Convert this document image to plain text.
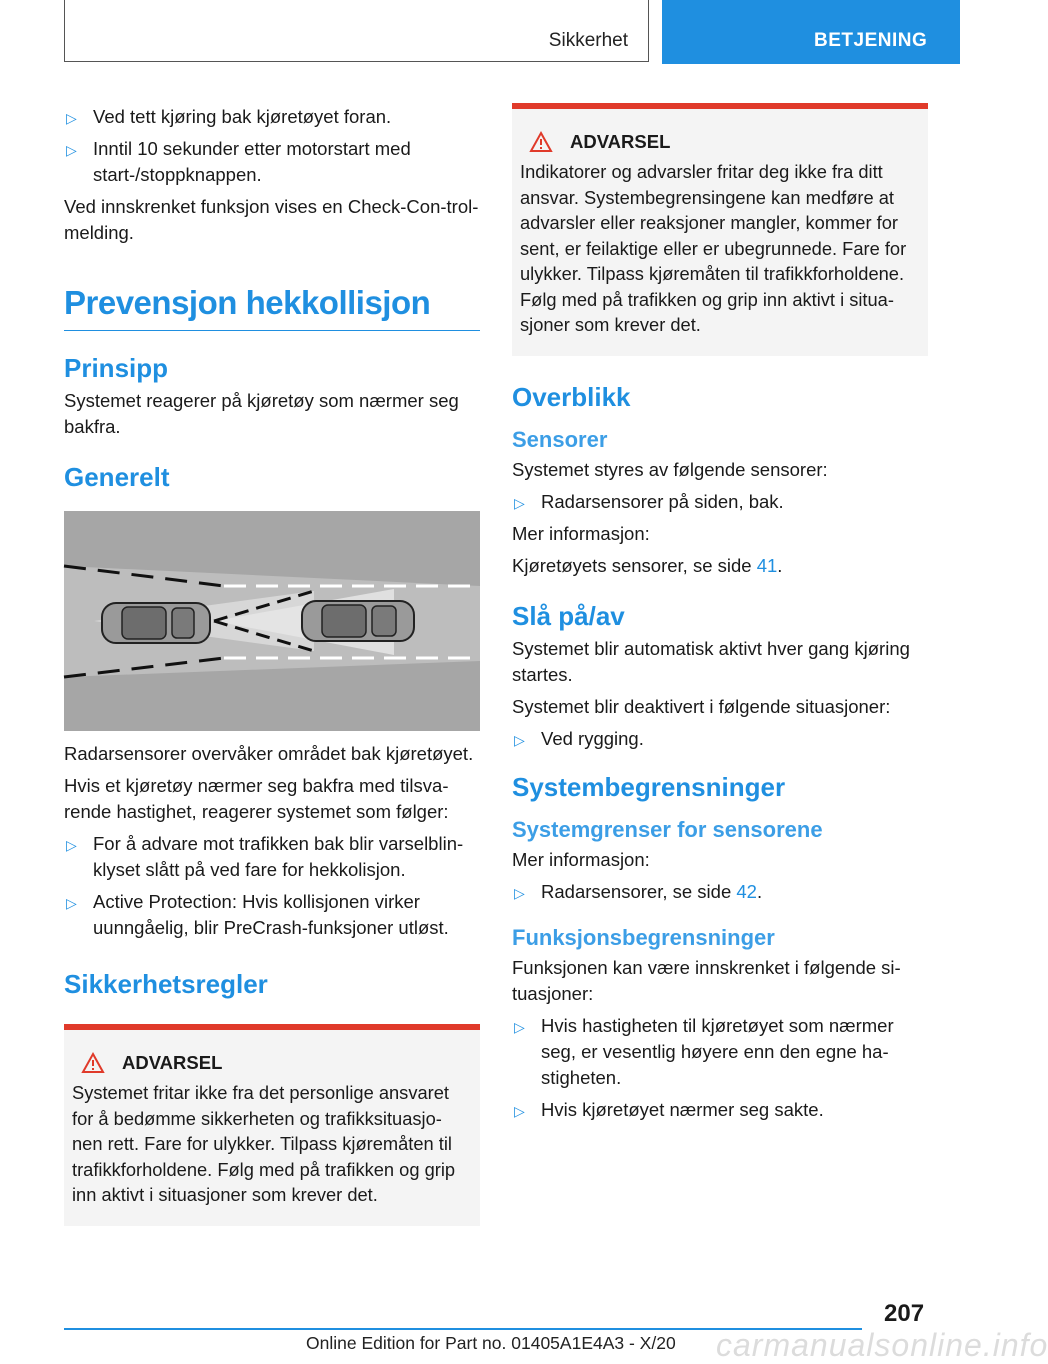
Sikkerhet	BETJENING
▷ Ved tett kjøring bak kjøretøyet foran.
▷ Inntil 10 sekunder etter motorstart med start-/stoppknappen.

Ved innskrenket funksjon vises en Check-Con-trol-melding.

Prevensjon hekkollisjon
Prinsipp

Systemet reagerer på kjøretøy som nærmer seg bakfra.

Generelt

Radarsensorer overvåker området bak kjøretøyet.

Hvis et kjøretøy nærmer seg bakfra med tilsva-rende hastighet, reagerer systemet som følger:

▷ For å advare mot trafikken bak blir varselblin-klyset slått på ved fare for hekkolisjon.
▷ Active Protection: Hvis kollisjonen virker uunngåelig, blir PreCrash-funksjoner utløst.
Sikkerhetsregler
ADVARSEL

Systemet fritar ikke fra det personlige ansvaret for å bedømme sikkerheten og trafikksituasjo-nen rett. Fare for ulykker. Tilpass kjøremåten til trafikkforholdene. Følg med på trafikken og grip inn aktivt i situasjoner som krever det.

ADVARSEL

Indikatorer og advarsler fritar deg ikke fra ditt ansvar. Systembegrensingene kan medføre at advarsler eller reaksjoner mangler, kommer for sent, er feilaktige eller er ubegrunnede. Fare for ulykker. Tilpass kjøremåten til trafikkforholdene. Følg med på trafikken og grip inn aktivt i situa-sjoner som krever det.

Overblikk
Sensorer

Systemet styres av følgende sensorer:

▷ Radarsensorer på siden, bak.

Mer informasjon:

Kjøretøyets sensorer, se side 41.

Slå på/av

Systemet blir automatisk aktivt hver gang kjøring startes.

Systemet blir deaktivert i følgende situasjoner:

▷ Ved rygging.
Systembegrensninger
Systemgrenser for sensorene

Mer informasjon:

▷ Radarsensorer, se side 42.
Funksjonsbegrensninger

Funksjonen kan være innskrenket i følgende si-tuasjoner:

▷ Hvis hastigheten til kjøretøyet som nærmer seg, er vesentlig høyere enn den egne ha-stigheten.
▷ Hvis kjøretøyet nærmer seg sakte.
207
Online Edition for Part no. 01405A1E4A3 - X/20 carmanualsonline.info
